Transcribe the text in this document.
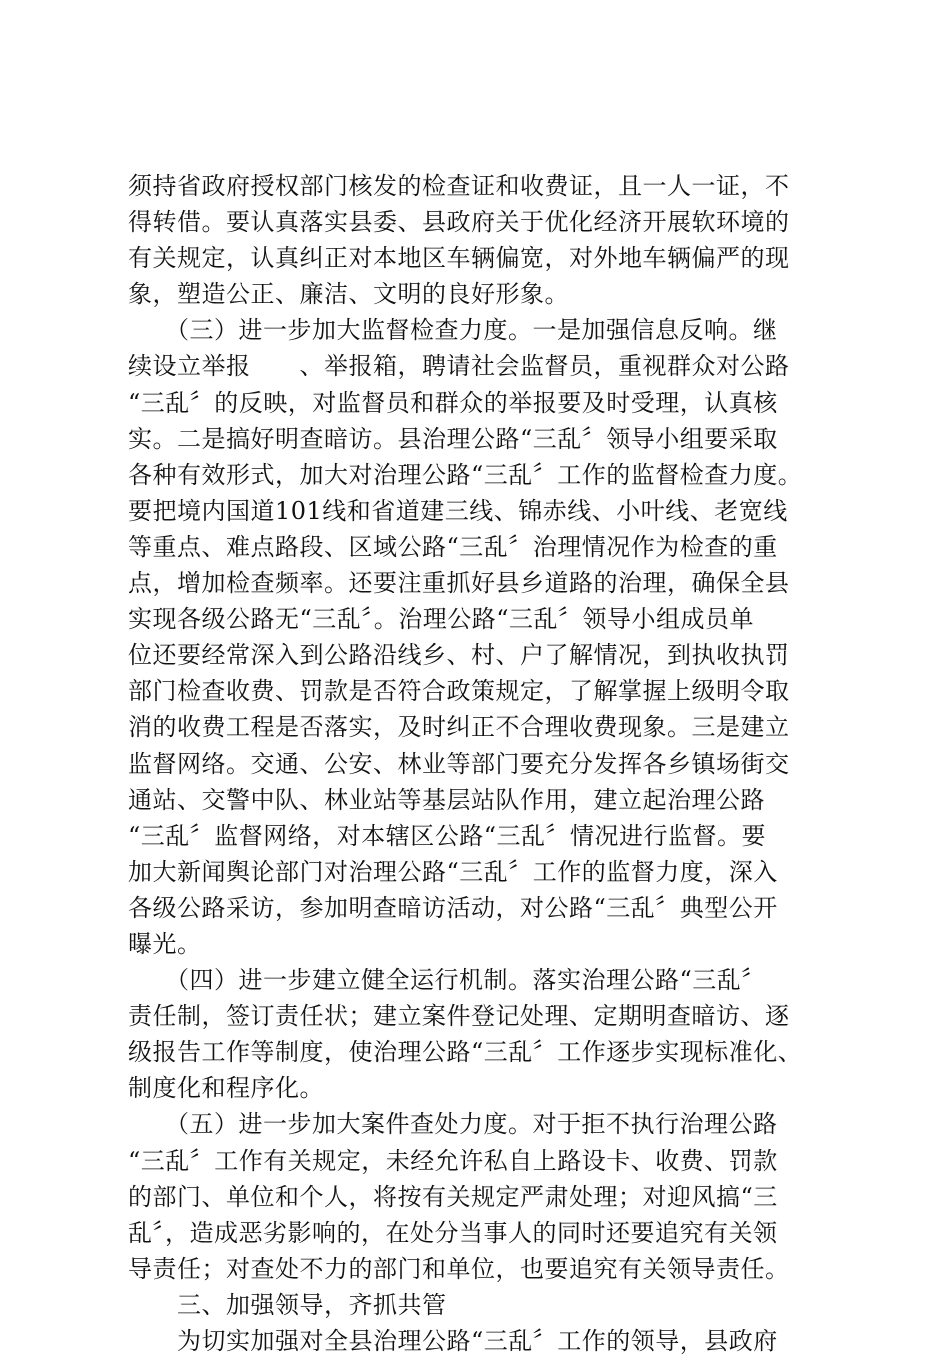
须持省政府授权部门核发的检查证和收费证，且一人一证，不
得转借。要认真落实县委、县政府关于优化经济开展软环境的
有关规定，认真纠正对本地区车辆偏宽，对外地车辆偏严的现
象，塑造公正、廉洁、文明的良好形象。
　　（三）进一步加大监督检查力度。一是加强信息反响。继
续设立举报　　、举报箱，聘请社会监督员，重视群众对公路
“三乱〞的反映，对监督员和群众的举报要及时受理，认真核
实。二是搞好明查暗访。县治理公路“三乱〞领导小组要采取
各种有效形式，加大对治理公路“三乱〞工作的监督检查力度。
要把境内国道101线和省道建三线、锦赤线、小叶线、老宽线
等重点、难点路段、区域公路“三乱〞治理情况作为检查的重
点，增加检查频率。还要注重抓好县乡道路的治理，确保全县
实现各级公路无“三乱〞。治理公路“三乱〞领导小组成员单
位还要经常深入到公路沿线乡、村、户了解情况，到执收执罚
部门检查收费、罚款是否符合政策规定，了解掌握上级明令取
消的收费工程是否落实，及时纠正不合理收费现象。三是建立
监督网络。交通、公安、林业等部门要充分发挥各乡镇场街交
通站、交警中队、林业站等基层站队作用，建立起治理公路
“三乱〞监督网络，对本辖区公路“三乱〞情况进行监督。要
加大新闻舆论部门对治理公路“三乱〞工作的监督力度，深入
各级公路采访，参加明查暗访活动，对公路“三乱〞典型公开
曝光。
　　（四）进一步建立健全运行机制。落实治理公路“三乱〞
责任制，签订责任状；建立案件登记处理、定期明查暗访、逐
级报告工作等制度，使治理公路“三乱〞工作逐步实现标准化、
制度化和程序化。
　　（五）进一步加大案件查处力度。对于拒不执行治理公路
“三乱〞工作有关规定，未经允许私自上路设卡、收费、罚款
的部门、单位和个人，将按有关规定严肃处理；对迎风搞“三
乱〞，造成恶劣影响的，在处分当事人的同时还要追究有关领
导责任；对查处不力的部门和单位，也要追究有关领导责任。
　　三、加强领导，齐抓共管
　　为切实加强对全县治理公路“三乱〞工作的领导，县政府
